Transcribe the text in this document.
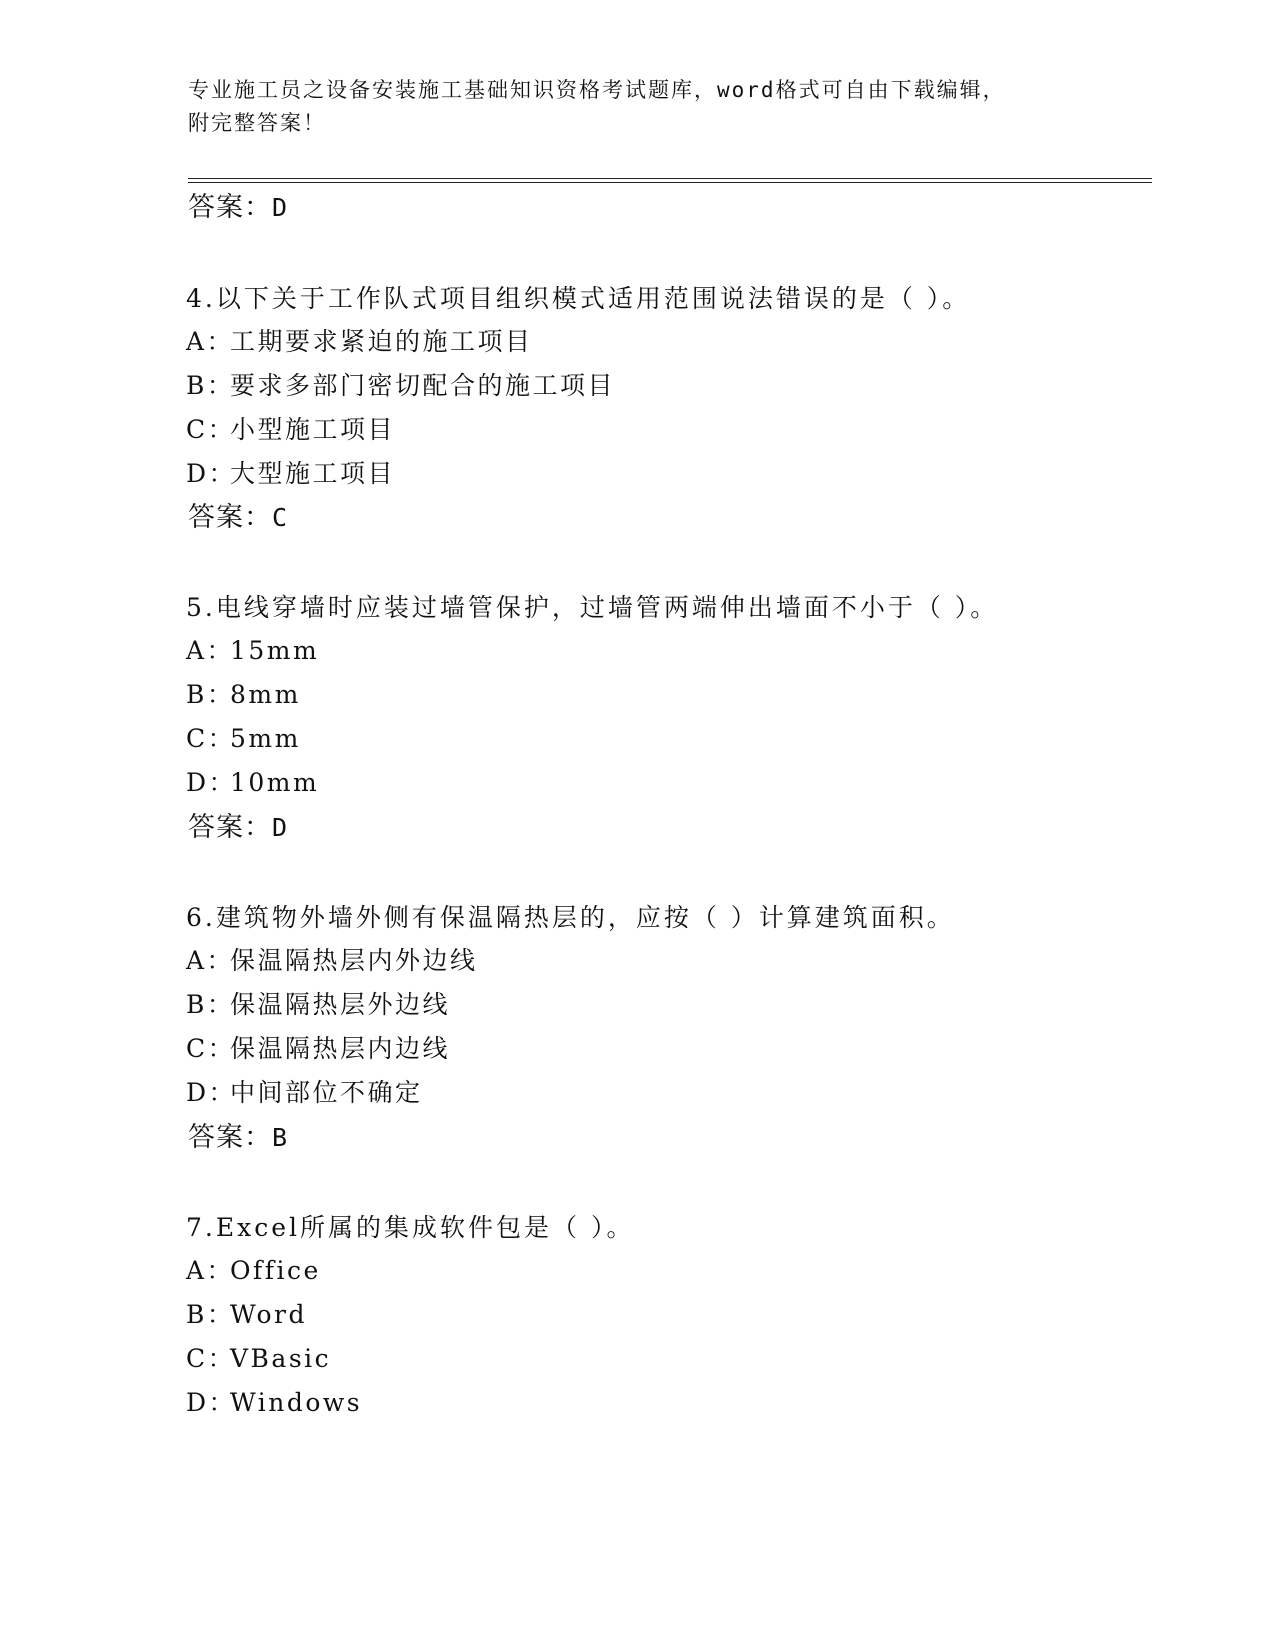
专业施工员之设备安装施工基础知识资格考试题库，word格式可自由下载编辑，
附完整答案！
答案：D
4.以下关于工作队式项目组织模式适用范围说法错误的是（ ）。
A：工期要求紧迫的施工项目
B：要求多部门密切配合的施工项目
C：小型施工项目
D：大型施工项目
答案：C
5.电线穿墙时应装过墙管保护，过墙管两端伸出墙面不小于（ ）。
A：15mm
B：8mm
C：5mm
D：10mm
答案：D
6.建筑物外墙外侧有保温隔热层的，应按（ ）计算建筑面积。
A：保温隔热层内外边线
B：保温隔热层外边线
C：保温隔热层内边线
D：中间部位不确定
答案：B
7.Excel所属的集成软件包是（ ）。
A：Office
B：Word
C：VBasic
D：Windows
